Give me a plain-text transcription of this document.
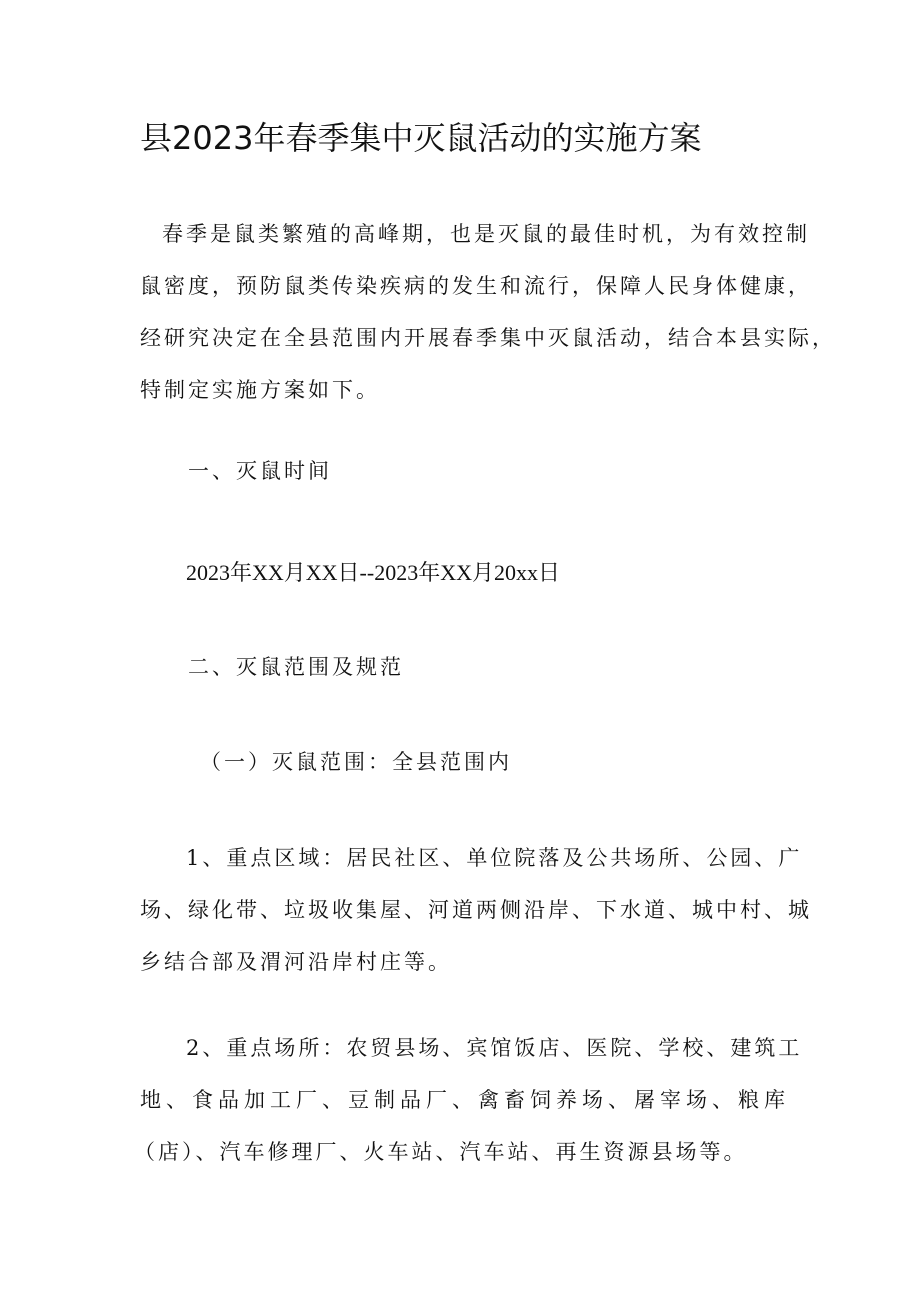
县2023年春季集中灭鼠活动的实施方案
春季是鼠类繁殖的高峰期，也是灭鼠的最佳时机，为有效控制
鼠密度，预防鼠类传染疾病的发生和流行，保障人民身体健康，
经研究决定在全县范围内开展春季集中灭鼠活动，结合本县实际，
特制定实施方案如下。
一、灭鼠时间
2023年XX月XX日--2023年XX月20xx日
二、灭鼠范围及规范
（一）灭鼠范围：全县范围内
1、重点区域：居民社区、单位院落及公共场所、公园、广
场、绿化带、垃圾收集屋、河道两侧沿岸、下水道、城中村、城
乡结合部及渭河沿岸村庄等。
2、重点场所：农贸县场、宾馆饭店、医院、学校、建筑工
地、食品加工厂、豆制品厂、禽畜饲养场、屠宰场、粮库
（店）、汽车修理厂、火车站、汽车站、再生资源县场等。
